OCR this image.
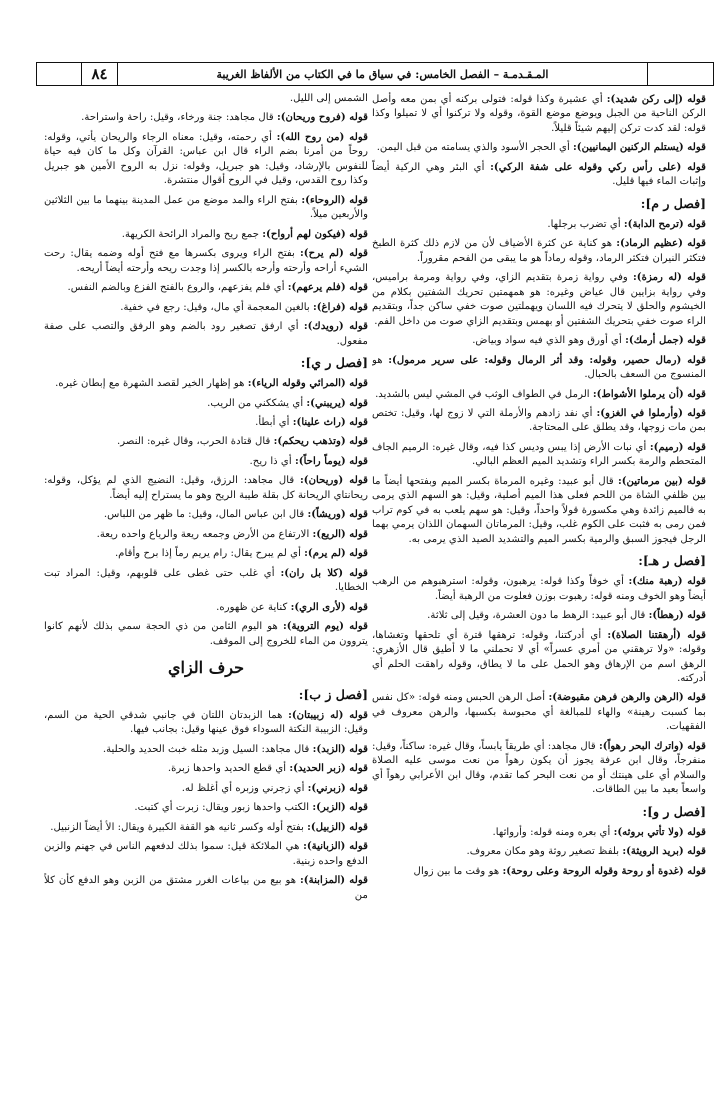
٨٤	المـقـدمـة – الفصل الخامس: في سياق ما في الكتاب من الألفاظ الغريبة

قوله (إلى ركن شديد): أي عشيرة وكذا قوله: فتولى بركنه أي بمن معه وأصل الركن الناحية من الجبل ويوضع موضع القوة، وقوله ولا تركنوا أي لا تميلوا وكذا قوله: لقد كدت تركن إليهم شيئاً قليلاً.

قوله (يستلم الركنين اليمانيين): أي الحجر الأسود والذي يسامته من قبل اليمن.

قوله (على رأس ركي وقوله على شفة الركي): أي البئر وهي الركية أيضاً وإثبات الماء فيها قليل.

[فصل ر م]:

قوله (ترمح الدابة): أي تضرب برجلها.

قوله (عظيم الرماد): هو كناية عن كثرة الأضياف لأن من لازم ذلك كثرة الطبخ فتكثر النيران فتكثر الرماد، وقوله رماداً هو ما يبقى من الفحم مقروراً.

قوله (له رمزة): وفي رواية زمرة بتقديم الزاي، وفي رواية ومرمة براميس، وفي رواية بزايين قال عياض وغيره: هو همهمتين تحريك الشفتين بكلام من الخيشوم والحلق لا يتحرك فيه اللسان ويهملتين صوت خفي ساكن جداً، وبتقديم الراء صوت خفي بتحريك الشفتين أو بهمس وبتقديم الزاي صوت من داخل الفم.

قوله (جمل أرمك): أي أورق وهو الذي فيه سواد وبياض.

قوله (رمال حصير، وقوله: وقد أثر الرمال وقوله: على سرير مرمول): هو المنسوج من السعف بالحبال.

قوله (أن يرملوا الأشواط): الرمل في الطواف الوثب في المشي ليس بالشديد.

قوله (وأرملوا في الغزو): أي نفد زادهم والأرملة التي لا زوج لها، وقيل: تختص بمن مات زوجها، وقد يطلق على المحتاجة.

قوله (رميم): أي نبات الأرض إذا يبس وديس كذا فيه، وقال غيره: الرميم الجاف المتحطم والرمة بكسر الراء وتشديد الميم العظم البالي.

قوله (بين مرماتين): قال أبو عبيد: وغيره المرماة بكسر الميم وبفتحها أيضاً ما بين ظلفي الشاة من اللحم فعلى هذا الميم أصلية، وقيل: هو السهم الذي يرمى به فالميم زائدة وهي مكسورة قولاً واحداً، وقيل: هو سهم يلعب به في كوم تراب فمن رمى به فثبت على الكوم غلب، وقيل: المرماتان السهمان اللذان يرمي بهما الرجل فيجوز السبق والرمية بكسر الميم والتشديد الصيد الذي يرمى به.

[فصل ر هـ]:

قوله (رهبة منك): أي خوفاً وكذا قوله: يرهبون، وقوله: استرهبوهم من الرهب أيضاً وهو الخوف ومنه قوله: رهبوت بوزن فعلوت من الرهبة أيضاً.

قوله (رهطاً): قال أبو عبيد: الرهط ما دون العشرة، وقيل إلى ثلاثة.

قوله (أرهقتنا الصلاة): أي أدركتنا، وقوله: ترهقها قترة أي تلحقها وتغشاها، وقوله: «ولا ترهقني من أمري عسراً» أي لا تحملني ما لا أطيق قال الأزهري: الرهق اسم من الإرهاق وهو الحمل على ما لا يطاق، وقوله راهقت الحلم أي أدركته.

قوله (الرهن والرهن فرهن مقبوضة): أصل الرهن الحبس ومنه قوله: «كل نفس بما كسبت رهينة» والهاء للمبالغة أي محبوسة بكسبها، والرهن معروف في الفقهيات.

قوله (واترك البحر رهواً): قال مجاهد: أي طريقاً يابساً، وقال غيره: ساكناً، وقيل: منفرجاً، وقال ابن عرفة يجوز أن يكون رهواً من نعت موسى عليه الصلاة والسلام أي على هينتك أو من نعت البحر كما تقدم، وقال ابن الأعرابي رهواً أي واسعاً بعيد ما بين الطاقات.

[فصل ر و]:

قوله (ولا تأتي بروثه): أي بعره ومنه قوله: وأرواثها.

قوله (بريد الرويثة): بلفظ تصغير روثة وهو مكان معروف.

قوله (غدوة أو روحة وقوله الروحة وعلى روحة): هو وقت ما بين زوال

الشمس إلى الليل.

قوله (فروح وريحان): قال مجاهد: جنة ورخاء، وقيل: راحة واستراحة.

قوله (من روح الله): أي رحمته، وقيل: معناه الرجاء والريحان يأتي، وقوله: روحاً من أمرنا بضم الراء قال ابن عباس: القرآن وكل ما كان فيه حياة للنفوس بالإرشاد، وقيل: هو جبريل، وقوله: نزل به الروح الأمين هو جبريل وكذا روح القدس، وقيل في الروح أقوال منتشرة.

قوله (الروحاء): بفتح الراء والمد موضع من عمل المدينة بينهما ما بين الثلاثين والأربعين ميلاً.

قوله (فيكون لهم أرواح): جمع ريح والمراد الرائحة الكريهة.

قوله (لم يرح): بفتح الراء ويروى بكسرها مع فتح أوله وضمه يقال: رحت الشيء أراحه وأرحته وأرحه بالكسر إذا وجدت ريحه وأرحته أيضاً أريحه.

قوله (فلم يرعهم): أي فلم يفزعهم، والروع بالفتح الفزع وبالضم النفس.

قوله (فراغ): بالغين المعجمة أي مال، وقيل: رجع في خفية.

قوله (رويدك): أي ارفق تصغير رود بالضم وهو الرفق والتصب على صفة مفعول.

[فصل ر ي]:

قوله (المرائي وقوله الرياء): هو إظهار الخير لقصد الشهرة مع إبطان غيره.

قوله (يريبني): أي يشككني من الريب.

قوله (راث علينا): أي أبطأ.

قوله (وتذهب ريحكم): قال قتادة الحرب، وقال غيره: النصر.

قوله (يوماً راحاً): أي ذا ريح.

قوله (وريحان): قال مجاهد: الرزق، وقيل: النضيج الذي لم يؤكل، وقوله: ريحانتاي الريحانة كل بقلة طيبة الريح وهو ما يستراح إليه أيضاً.

قوله (وريشاً): قال ابن عباس المال، وقيل: ما ظهر من اللباس.

قوله (الريع): الارتفاع من الأرض وجمعه ريعة والرياع واحده ريعة.

قوله (لم يرم): أي لم يبرح يقال: رام يريم رماً إذا برح وأقام.

قوله (كلا بل ران): أي غلب حتى غطى على قلوبهم، وقيل: المراد تبت الخطايا.

قوله (لأرى الري): كناية عن ظهوره.

قوله (يوم التروية): هو اليوم الثامن من ذي الحجة سمي بذلك لأنهم كانوا يتروون من الماء للخروج إلى الموقف.

حرف الزاي
[فصل ز ب]:

قوله (له زبيبتان): هما الزبدتان اللتان في جانبي شدقي الحية من السم، وقيل: الزبيبة النكتة السوداء فوق عينها وقيل: بجانب فيها.

قوله (الزبد): قال مجاهد: السيل وزبد مثله خبث الحديد والحلية.

قوله (زبر الحديد): أي قطع الحديد واحدها زبرة.

قوله (زبرني): أي زجرني وزبره أي أغلظ له.

قوله (الزبر): الكتب واحدها زبور ويقال: زبرت أي كتبت.

قوله (الزبيل): بفتح أوله وكسر ثانيه هو القفة الكبيرة ويقال: الأ أيضاً الزنبيل.

قوله (الزبانية): هي الملائكة قيل: سموا بذلك لدفعهم الناس في جهنم والزبن الدفع واحده زبنية.

قوله (المزابنة): هو بيع من بياعات الغرر مشتق من الزبن وهو الدفع كأن كلاً من
